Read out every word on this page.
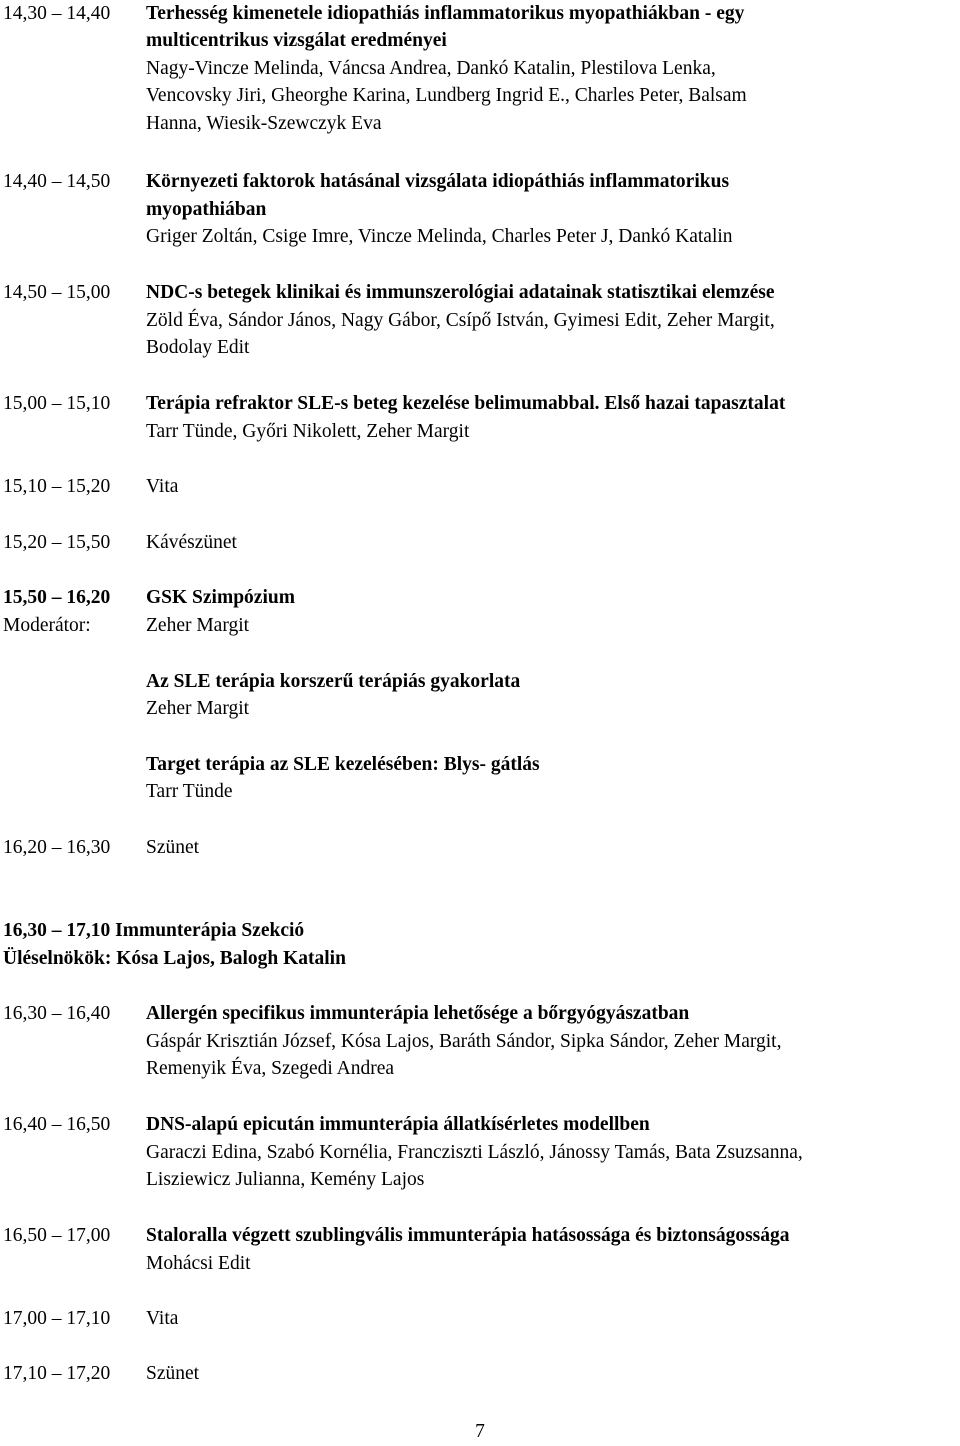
14,30 – 14,40	Terhesség kimenetele idiopathiás inflammatorikus myopathiákban - egy
multicentrikus vizsgálat eredményei
Nagy-Vincze Melinda, Váncsa Andrea, Dankó Katalin, Plestilova Lenka,
Vencovsky Jiri, Gheorghe Karina, Lundberg Ingrid E., Charles Peter, Balsam
Hanna, Wiesik-Szewczyk Eva
14,40 – 14,50	Környezeti faktorok hatásánal vizsgálata idiopáthiás inflammatorikus
myopathiában
Griger Zoltán, Csige Imre, Vincze Melinda, Charles Peter J, Dankó Katalin
14,50 – 15,00	NDC-s betegek klinikai és immunszerológiai adatainak statisztikai elemzése
Zöld Éva, Sándor János, Nagy Gábor, Csípő István, Gyimesi Edit, Zeher Margit,
Bodolay Edit
15,00 – 15,10	Terápia refraktor SLE-s beteg kezelése belimumabbal. Első hazai tapasztalat
Tarr Tünde, Győri Nikolett, Zeher Margit
15,10 – 15,20	Vita
15,20 – 15,50	Kávészünet
15,50 – 16,20	GSK Szimpózium
Moderátor:	Zeher Margit
Az SLE terápia korszerű terápiás gyakorlata
Zeher Margit
Target terápia az SLE kezelésében: Blys- gátlás
Tarr Tünde
16,20 – 16,30	Szünet
16,30 – 17,10 Immunterápia Szekció
Üléselnökök: Kósa Lajos, Balogh Katalin
16,30 – 16,40	Allergén specifikus immunterápia lehetősége a bőrgyógyászatban
Gáspár Krisztián József, Kósa Lajos, Baráth Sándor, Sipka Sándor, Zeher Margit,
Remenyik Éva, Szegedi Andrea
16,40 – 16,50	DNS-alapú epicután immunterápia állatkísérletes modellben
Garaczi Edina, Szabó Kornélia, Francziszti László, Jánossy Tamás, Bata Zsuzsanna,
Lisziewicz Julianna, Kemény Lajos
16,50 – 17,00	Staloralla végzett szublingvális immunterápia hatásossága és biztonságossága
Mohácsi Edit
17,00 – 17,10	Vita
17,10 – 17,20	Szünet
7
